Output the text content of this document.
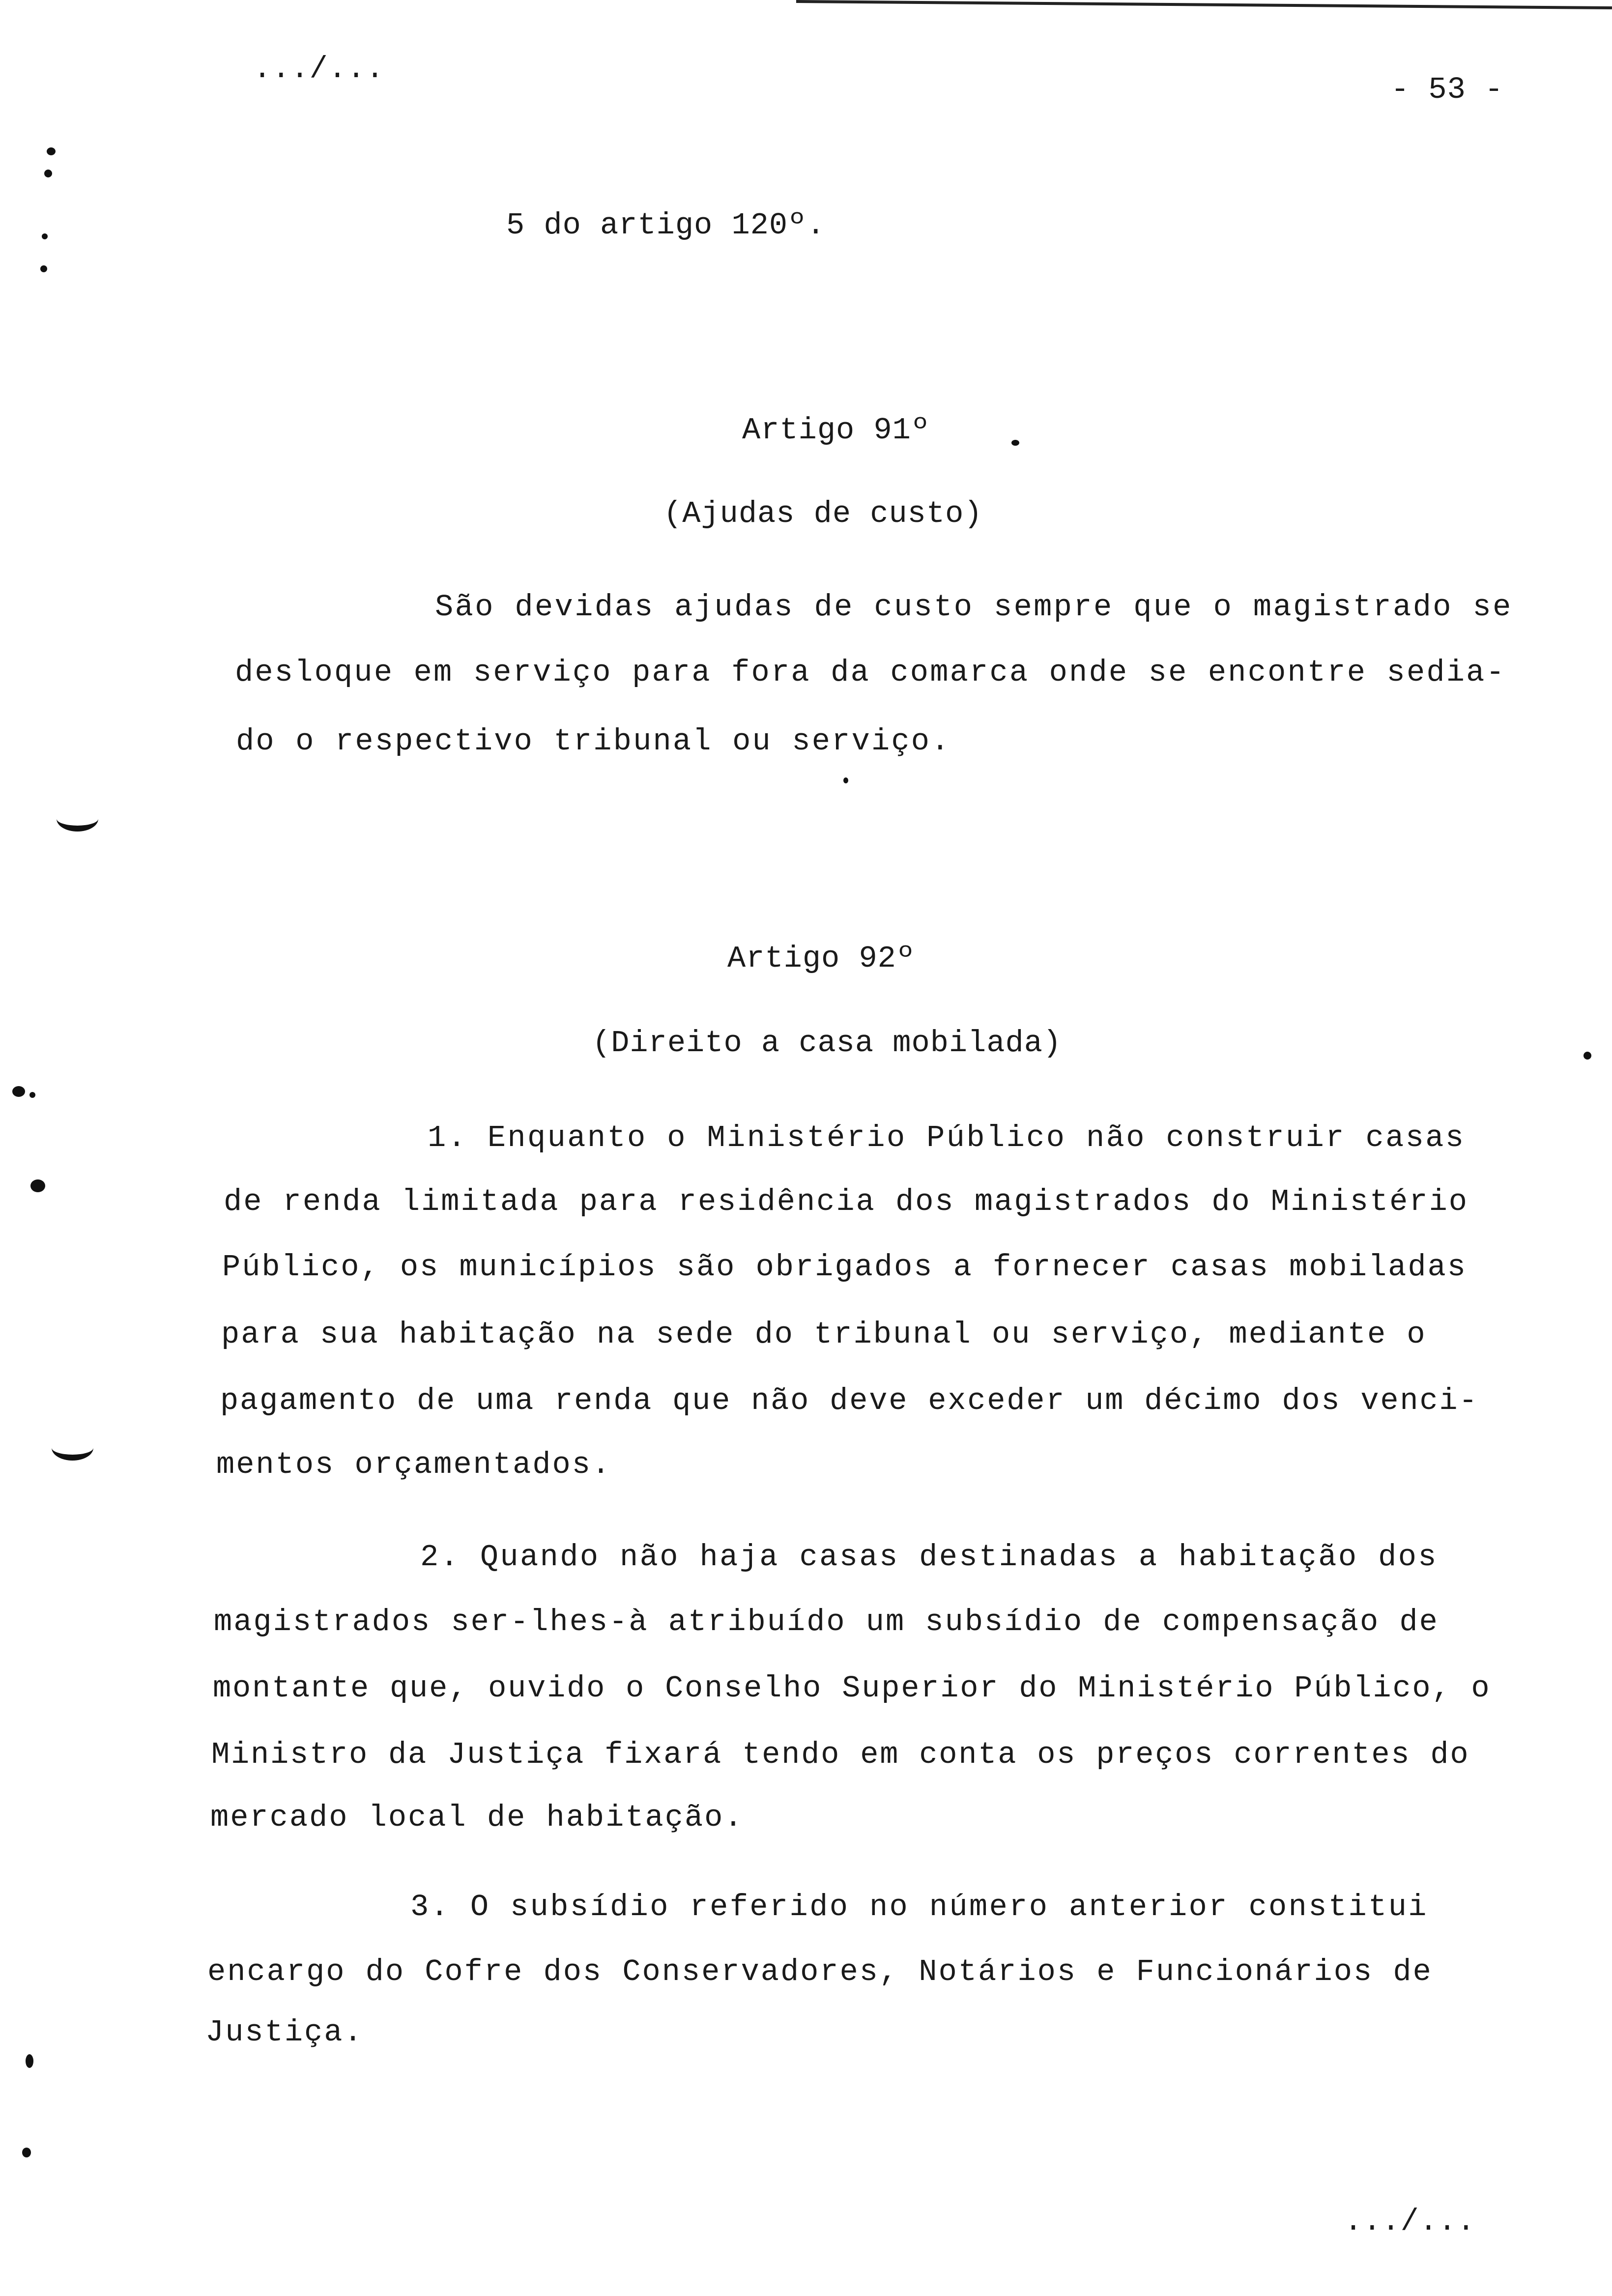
.../...
- 53 -
5 do artigo 120º.
Artigo 91º
(Ajudas de custo)
São devidas ajudas de custo sempre que o magistrado se
desloque em serviço para fora da comarca onde se encontre sedia-
do o respectivo tribunal ou serviço.
Artigo 92º
(Direito a casa mobilada)
1. Enquanto o Ministério Público não construir casas
de renda limitada para residência dos magistrados do Ministério
Público, os municípios são obrigados a fornecer casas mobiladas
para sua habitação na sede do tribunal ou serviço, mediante o
pagamento de uma renda que não deve exceder um décimo dos venci-
mentos orçamentados.
2. Quando não haja casas destinadas a habitação dos
magistrados ser-lhes-à atribuído um subsídio de compensação de
montante que, ouvido o Conselho Superior do Ministério Público, o
Ministro da Justiça fixará tendo em conta os preços correntes do
mercado local de habitação.
3. O subsídio referido no número anterior constitui
encargo do Cofre dos Conservadores, Notários e Funcionários de
Justiça.
.../...
